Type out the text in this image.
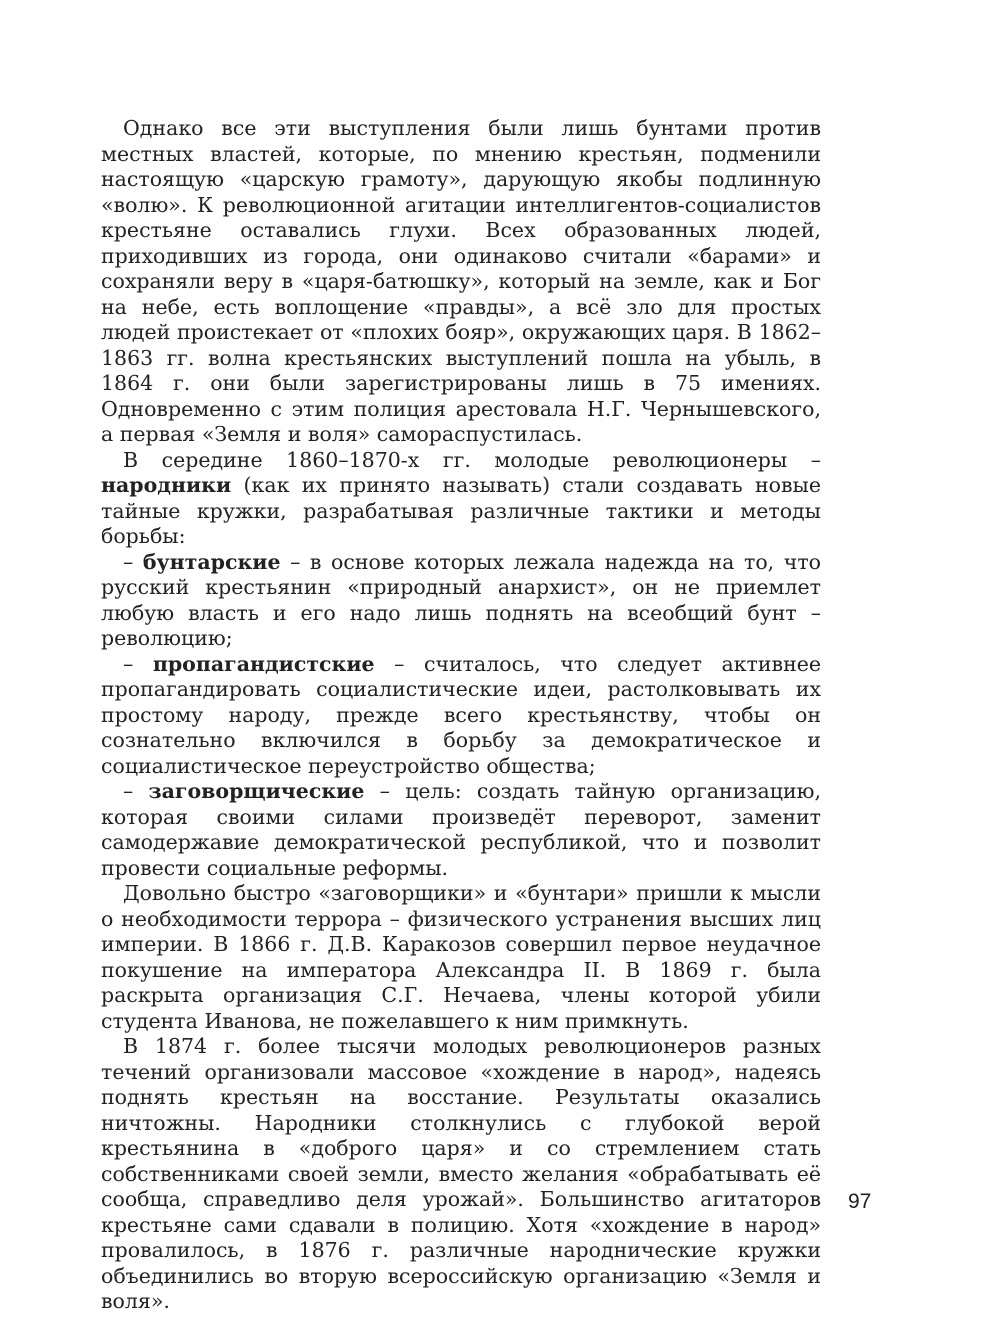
Однако все эти выступления были лишь бунтами против местных властей, которые, по мнению крестьян, подменили настоящую «царскую грамоту», дарующую якобы подлинную «волю». К революционной агитации интеллигентов-социалистов крестьяне оставались глухи. Всех образованных людей, приходивших из города, они одинаково считали «барами» и сохраняли веру в «царя-батюшку», который на земле, как и Бог на небе, есть воплощение «правды», а всё зло для простых людей проистекает от «плохих бояр», окружающих царя. В 1862–1863 гг. волна крестьянских выступлений пошла на убыль, в 1864 г. они были зарегистрированы лишь в 75 имениях. Одновременно с этим полиция арестовала Н.Г. Чернышевского, а первая «Земля и воля» самораспустилась.

В середине 1860–1870-х гг. молодые революционеры – народники (как их принято называть) стали создавать новые тайные кружки, разрабатывая различные тактики и методы борьбы:

– бунтарские – в основе которых лежала надежда на то, что русский крестьянин «природный анархист», он не приемлет любую власть и его надо лишь поднять на всеобщий бунт – революцию;

– пропагандистские – считалось, что следует активнее пропагандировать социалистические идеи, растолковывать их простому народу, прежде всего крестьянству, чтобы он сознательно включился в борьбу за демократическое и социалистическое переустройство общества;

– заговорщические – цель: создать тайную организацию, которая своими силами произведёт переворот, заменит самодержавие демократической республикой, что и позволит провести социальные реформы.

Довольно быстро «заговорщики» и «бунтари» пришли к мысли о необходимости террора – физического устранения высших лиц империи. В 1866 г. Д.В. Каракозов совершил первое неудачное покушение на императора Александра II. В 1869 г. была раскрыта организация С.Г. Нечаева, члены которой убили студента Иванова, не пожелавшего к ним примкнуть.

В 1874 г. более тысячи молодых революционеров разных течений организовали массовое «хождение в народ», надеясь поднять крестьян на восстание. Результаты оказались ничтожны. Народники столкнулись с глубокой верой крестьянина в «доброго царя» и со стремлением стать собственниками своей земли, вместо желания «обрабатывать её сообща, справедливо деля урожай». Большинство агитаторов крестьяне сами сдавали в полицию. Хотя «хождение в народ» провалилось, в 1876 г. различные народнические кружки объединились во вторую всероссийскую организацию «Земля и воля».

97
